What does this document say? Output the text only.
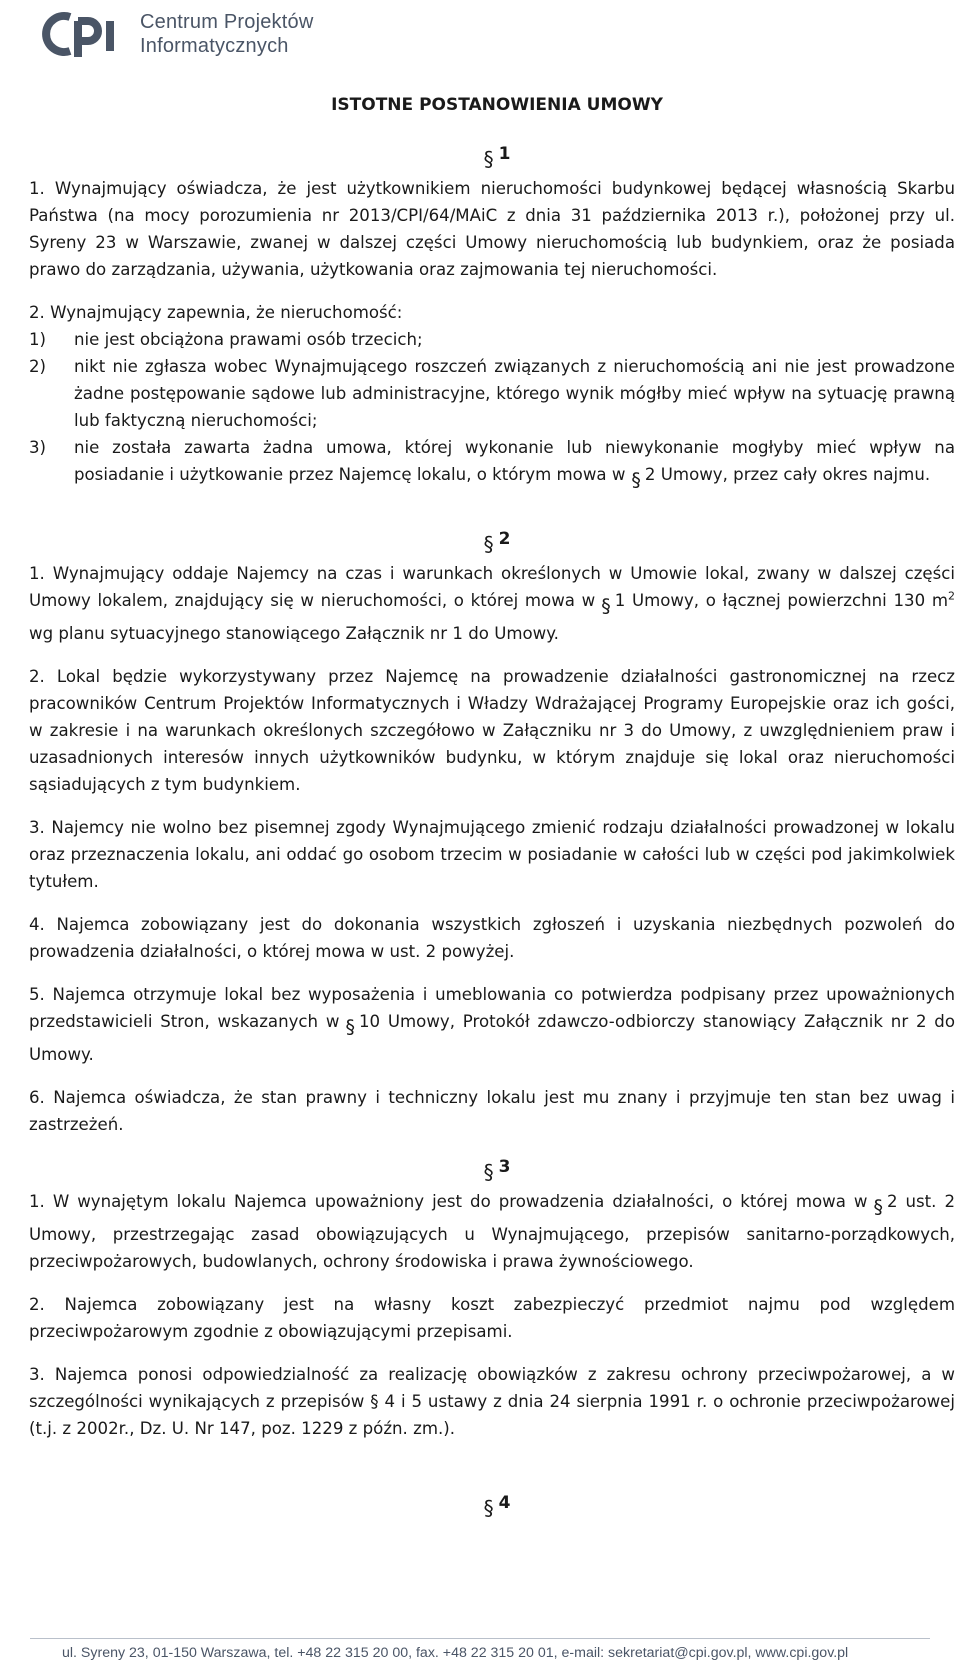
Centrum Projektów
Informatycznych
ISTOTNE POSTANOWIENIA UMOWY
§ 1

1. Wynajmujący oświadcza, że jest użytkownikiem nieruchomości budynkowej będącej własnością Skarbu Państwa (na mocy porozumienia nr 2013/CPI/64/MAiC z dnia 31 października 2013 r.), położonej przy ul. Syreny 23 w Warszawie, zwanej w dalszej części Umowy nieruchomością lub budynkiem, oraz że posiada prawo do zarządzania, używania, użytkowania oraz zajmowania tej nieruchomości.

2. Wynajmujący zapewnia, że nieruchomość:

1)	nie jest obciążona prawami osób trzecich;
2)	nikt nie zgłasza wobec Wynajmującego roszczeń związanych z nieruchomością ani nie jest prowadzone żadne postępowanie sądowe lub administracyjne, którego wynik mógłby mieć wpływ na sytuację prawną lub faktyczną nieruchomości;
3)	nie została zawarta żadna umowa, której wykonanie lub niewykonanie mogłyby mieć wpływ na posiadanie i użytkowanie przez Najemcę lokalu, o którym mowa w § 2 Umowy, przez cały okres najmu.
§ 2

1. Wynajmujący oddaje Najemcy na czas i warunkach określonych w Umowie lokal, zwany w dalszej części Umowy lokalem, znajdujący się w nieruchomości, o której mowa w § 1 Umowy, o łącznej powierzchni 130 $m^2$ wg planu sytuacyjnego stanowiącego Załącznik nr 1 do Umowy.

2. Lokal będzie wykorzystywany przez Najemcę na prowadzenie działalności gastronomicznej na rzecz pracowników Centrum Projektów Informatycznych i Władzy Wdrażającej Programy Europejskie oraz ich gości, w zakresie i na warunkach określonych szczegółowo w Załączniku nr 3 do Umowy, z uwzględnieniem praw i uzasadnionych interesów innych użytkowników budynku, w którym znajduje się lokal oraz nieruchomości sąsiadujących z tym budynkiem.

3. Najemcy nie wolno bez pisemnej zgody Wynajmującego zmienić rodzaju działalności prowadzonej w lokalu oraz przeznaczenia lokalu, ani oddać go osobom trzecim w posiadanie w całości lub w części pod jakimkolwiek tytułem.

4. Najemca zobowiązany jest do dokonania wszystkich zgłoszeń i uzyskania niezbędnych pozwoleń do prowadzenia działalności, o której mowa w ust. 2 powyżej.

5. Najemca otrzymuje lokal bez wyposażenia i umeblowania co potwierdza podpisany przez upoważnionych przedstawicieli Stron, wskazanych w § 10 Umowy, Protokół zdawczo-odbiorczy stanowiący Załącznik nr 2 do Umowy.

6. Najemca oświadcza, że stan prawny i techniczny lokalu jest mu znany i przyjmuje ten stan bez uwag i zastrzeżeń.

§ 3

1. W wynajętym lokalu Najemca upoważniony jest do prowadzenia działalności, o której mowa w § 2 ust. 2 Umowy, przestrzegając zasad obowiązujących u Wynajmującego, przepisów sanitarno-porządkowych, przeciwpożarowych, budowlanych, ochrony środowiska i prawa żywnościowego.

2. Najemca zobowiązany jest na własny koszt zabezpieczyć przedmiot najmu pod względem przeciwpożarowym zgodnie z obowiązującymi przepisami.

3. Najemca ponosi odpowiedzialność za realizację obowiązków z zakresu ochrony przeciwpożarowej, a w szczególności wynikających z przepisów § 4 i 5 ustawy z dnia 24 sierpnia 1991 r. o ochronie przeciwpożarowej (t.j. z 2002r., Dz. U. Nr 147, poz. 1229 z późn. zm.).

§ 4
ul. Syreny 23, 01-150 Warszawa, tel. +48 22 315 20 00, fax. +48 22 315 20 01, e-mail: sekretariat@cpi.gov.pl, www.cpi.gov.pl
